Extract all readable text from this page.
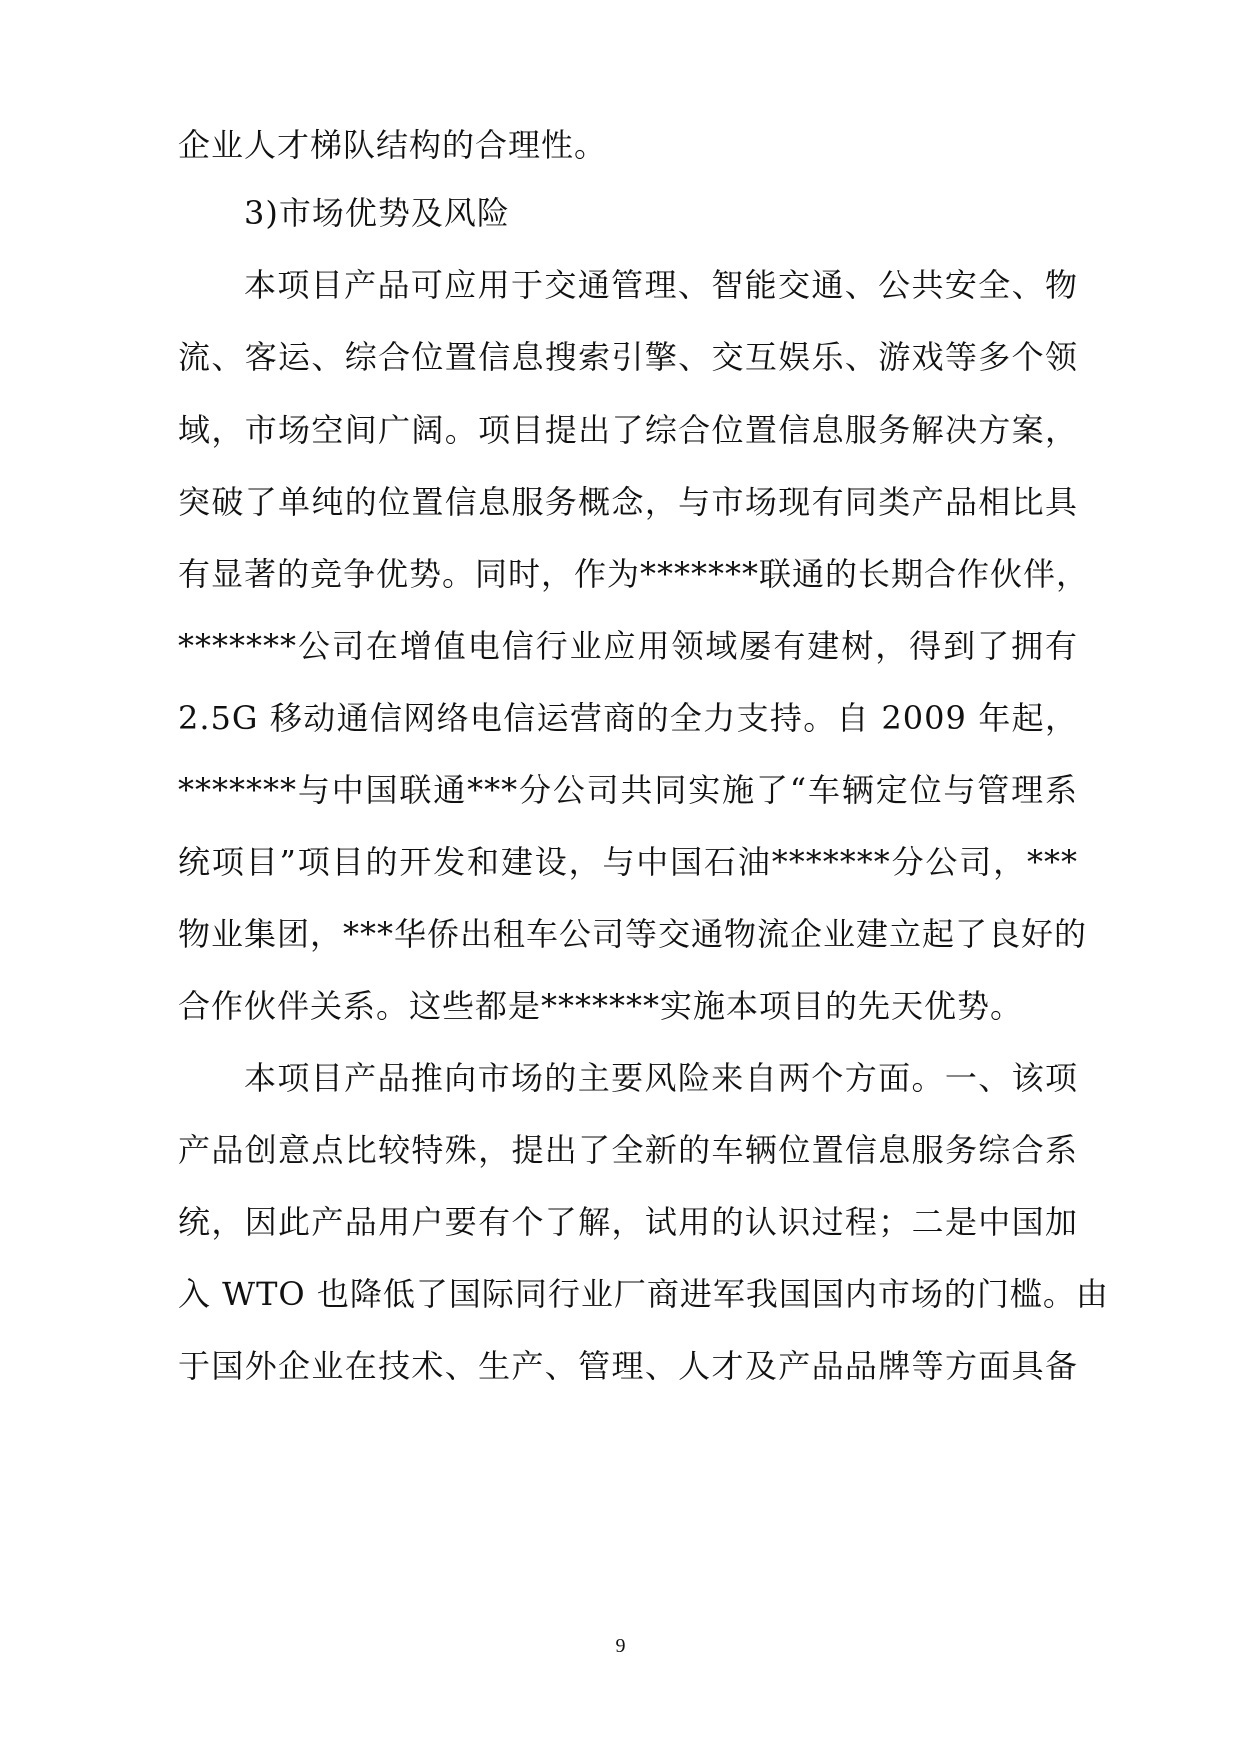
企业人才梯队结构的合理性。
3)市场优势及风险
本项目产品可应用于交通管理、智能交通、公共安全、物
流、客运、综合位置信息搜索引擎、交互娱乐、游戏等多个领
域，市场空间广阔。项目提出了综合位置信息服务解决方案，
突破了单纯的位置信息服务概念，与市场现有同类产品相比具
有显著的竞争优势。同时，作为*******联通的长期合作伙伴，
*******公司在增值电信行业应用领域屡有建树，得到了拥有
2.5G 移动通信网络电信运营商的全力支持。自 2009 年起，
*******与中国联通***分公司共同实施了“车辆定位与管理系
统项目”项目的开发和建设，与中国石油*******分公司，***
物业集团，***华侨出租车公司等交通物流企业建立起了良好的
合作伙伴关系。这些都是*******实施本项目的先天优势。
本项目产品推向市场的主要风险来自两个方面。一、该项
产品创意点比较特殊，提出了全新的车辆位置信息服务综合系
统，因此产品用户要有个了解，试用的认识过程；二是中国加
入 WTO 也降低了国际同行业厂商进军我国国内市场的门槛。由
于国外企业在技术、生产、管理、人才及产品品牌等方面具备
9
